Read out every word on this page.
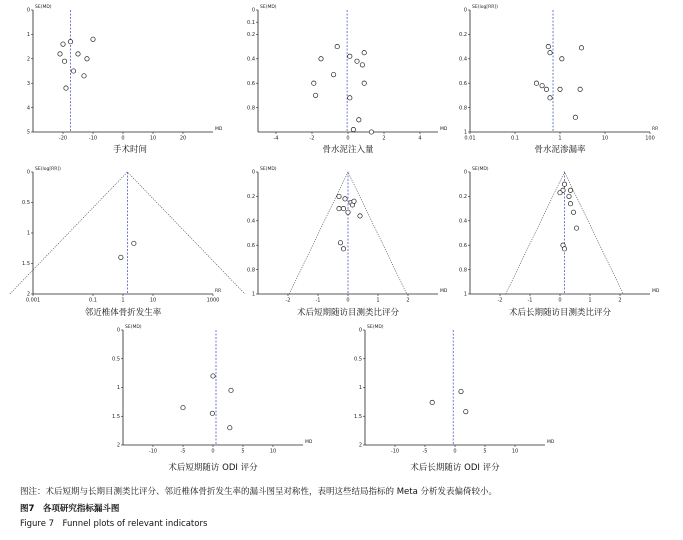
0
1
2
3
4
5
-20	-10	0	10	20
SE(MD)
MD
手术时间
0
0.1
0.2
0.4
0.6
0.8
-4	-2	0	2	4
SE(MD)
MD
骨水泥注入量
0
0.2
0.4
0.6
0.8
1
0.01	0.1	1	10	100
SE(log[RR])
RR
骨水泥渗漏率
0
0.5
1
1.5
2
0.001	0.1	1	10	1000
SE(log[RR])
RR
邻近椎体骨折发生率
0
0.2
0.4
0.6
0.8
1
-2	-1	0	1	2
SE(MD)
MD
术后短期随访目测类比评分
0
0.2
0.4
0.6
0.8
1
-2	-1	0	1	2
SE(MD)
MD
术后长期随访目测类比评分
0
0.5
1
1.5
2
-10	-5	0	5	10
SE(MD)
MD
术后短期随访 ODI 评分
0
0.5
1
1.5
2
-10	-5	0	5	10
SE(MD)
MD
术后长期随访 ODI 评分
图注：术后短期与长期目测类比评分、邻近椎体骨折发生率的漏斗图呈对称性，表明这些结局指标的 Meta 分析发表偏倚较小。
图7　各项研究指标漏斗图
Figure 7　Funnel plots of relevant indicators
